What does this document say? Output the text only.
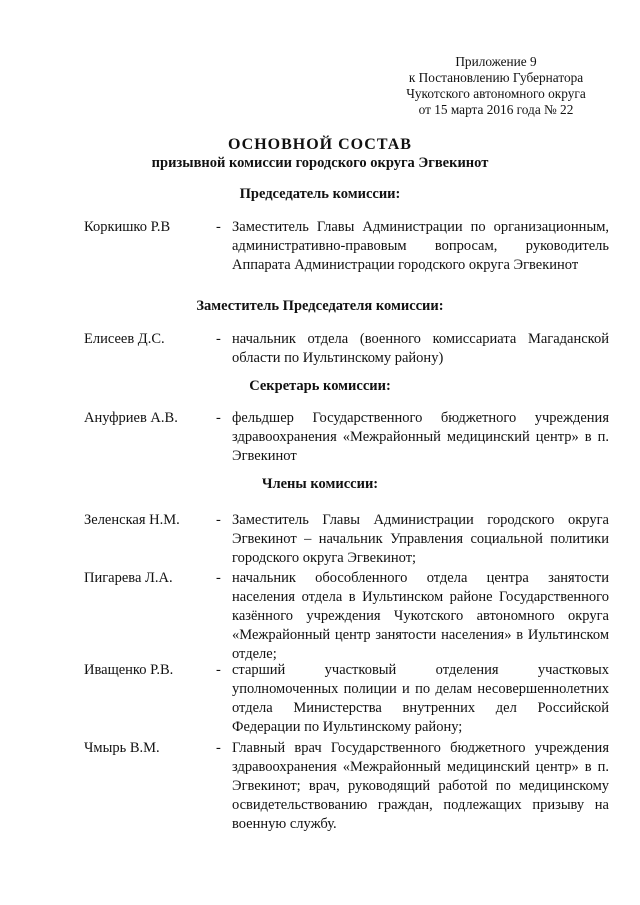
Приложение 9
к Постановлению Губернатора
Чукотского автономного округа
от 15 марта 2016 года № 22
ОСНОВНОЙ СОСТАВ
призывной комиссии городского округа Эгвекинот
Председатель комиссии:
Коркишко Р.В	- Заместитель Главы Администрации по организационным, административно-правовым вопросам, руководитель Аппарата Администрации городского округа Эгвекинот
Заместитель Председателя комиссии:
Елисеев Д.С.	- начальник отдела (военного комиссариата Магаданской области по Иультинскому району)
Секретарь комиссии:
Ануфриев А.В.	- фельдшер Государственного бюджетного учреждения здравоохранения «Межрайонный медицинский центр» в п. Эгвекинот
Члены комиссии:
Зеленская Н.М.	- Заместитель Главы Администрации городского округа Эгвекинот – начальник Управления социальной политики городского округа Эгвекинот;
Пигарева Л.А.	- начальник обособленного отдела центра занятости населения отдела в Иультинском районе Государственного казённого учреждения Чукотского автономного округа «Межрайонный центр занятости населения» в Иультинском отделе;
Иващенко Р.В.	- старший участковый отделения участковых уполномоченных полиции и по делам несовершеннолетних отдела Министерства внутренних дел Российской Федерации по Иультинскому району;
Чмырь В.М.	- Главный врач Государственного бюджетного учреждения здравоохранения «Межрайонный медицинский центр» в п. Эгвекинот; врач, руководящий работой по медицинскому освидетельствованию граждан, подлежащих призыву на военную службу.
